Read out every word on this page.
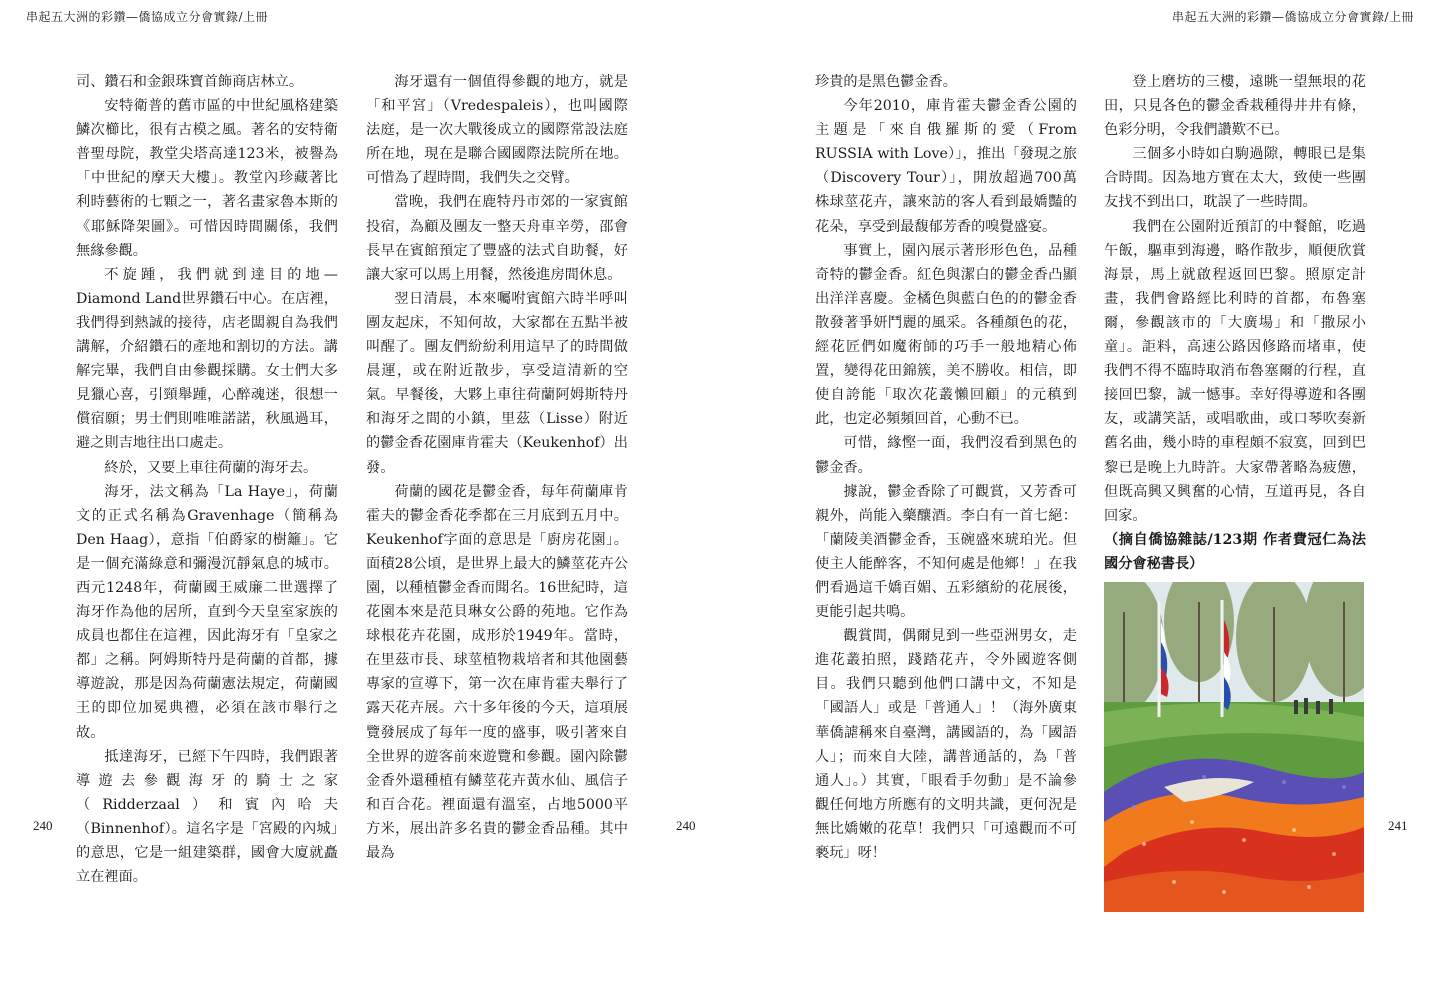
串起五大洲的彩鑽—僑協成立分會實錄/上冊	串起五大洲的彩鑽—僑協成立分會實錄/上冊
240	240	241

司、鑽石和金銀珠寶首飾商店林立。

安特衛普的舊市區的中世紀風格建築鱗次櫛比，很有古模之風。著名的安特衛普聖母院，教堂尖塔高達123米，被譽為「中世紀的摩天大樓」。教堂內珍藏著比利時藝術的七顆之一，著名畫家魯本斯的《耶穌降架圖》。可惜因時間關係，我們無緣參觀。

不旋踵，我們就到達目的地—Diamond Land世界鑽石中心。在店裡，我們得到熱誠的接待，店老闆親自為我們講解，介紹鑽石的產地和割切的方法。講解完畢，我們自由參觀採購。女士們大多見獵心喜，引頸舉踵，心醉魂迷，很想一償宿願；男士們則唯唯諾諾，秋風過耳，避之則吉地往出口處走。

終於，又要上車往荷蘭的海牙去。

海牙，法文稱為「La Haye」，荷蘭文的正式名稱為Gravenhage（簡稱為Den Haag），意指「伯爵家的樹籬」。它是一個充滿綠意和彌漫沉靜氣息的城市。西元1248年，荷蘭國王威廉二世選擇了海牙作為他的居所，直到今天皇室家族的成員也都住在這裡，因此海牙有「皇家之都」之稱。阿姆斯特丹是荷蘭的首都，據導遊說，那是因為荷蘭憲法規定，荷蘭國王的即位加冕典禮，必須在該市舉行之故。

抵達海牙，已經下午四時，我們跟著導遊去參觀海牙的騎士之家（Ridderzaal）和賓內哈夫（Binnenhof）。這名字是「宮殿的內城」的意思，它是一組建築群，國會大廈就矗立在裡面。

海牙還有一個值得參觀的地方，就是「和平宮」（Vredespaleis），也叫國際法庭，是一次大戰後成立的國際常設法庭所在地，現在是聯合國國際法院所在地。可惜為了趕時間，我們失之交臂。

當晚，我們在鹿特丹市郊的一家賓館投宿，為顧及團友一整天舟車辛勞，邵會長早在賓館預定了豐盛的法式自助餐，好讓大家可以馬上用餐，然後進房間休息。

翌日清晨，本來囑咐賓館六時半呼叫團友起床，不知何故，大家都在五點半被叫醒了。團友們紛紛利用這早了的時間做晨運，或在附近散步，享受這清新的空氣。早餐後，大夥上車往荷蘭阿姆斯特丹和海牙之間的小鎮，里茲（Lisse）附近的鬱金香花園庫肯霍夫（Keukenhof）出發。

荷蘭的國花是鬱金香，每年荷蘭庫肯霍夫的鬱金香花季都在三月底到五月中。Keukenhof字面的意思是「廚房花園」。面積28公頃，是世界上最大的鱗莖花卉公園，以種植鬱金香而聞名。16世紀時，這花園本來是范貝琳女公爵的苑地。它作為球根花卉花園，成形於1949年。當時，在里茲市長、球莖植物栽培者和其他園藝專家的宣導下，第一次在庫肯霍夫舉行了露天花卉展。六十多年後的今天，這項展覽發展成了每年一度的盛事，吸引著來自全世界的遊客前來遊覽和參觀。園內除鬱金香外還種植有鱗莖花卉黃水仙、風信子和百合花。裡面還有溫室，占地5000平方米，展出許多名貴的鬱金香品種。其中最為

珍貴的是黑色鬱金香。

今年2010，庫肯霍夫鬱金香公園的主題是「來自俄羅斯的愛（From RUSSIA with Love）」，推出「發現之旅（Discovery Tour）」，開放超過700萬株球莖花卉，讓來訪的客人看到最嬌豔的花朵，享受到最馥郁芳香的嗅覺盛宴。

事實上，園內展示著形形色色，品種奇特的鬱金香。紅色與潔白的鬱金香凸顯出洋洋喜慶。金橘色與藍白色的的鬱金香散發著爭妍鬥麗的風采。各種顏色的花，經花匠們如魔術師的巧手一般地精心佈置，變得花田錦簇，美不勝收。相信，即使自誇能「取次花叢懶回顧」的元稹到此，也定必頻頻回首，心動不已。

可惜，緣慳一面，我們沒看到黑色的鬱金香。

據說，鬱金香除了可觀賞，又芳香可親外，尚能入藥釀酒。李白有一首七絕：「蘭陵美酒鬱金香，玉碗盛來琥珀光。但使主人能醉客，不知何處是他鄉！」在我們看過這千嬌百媚、五彩繽紛的花展後，更能引起共鳴。

觀賞間，偶爾見到一些亞洲男女，走進花叢拍照，踐踏花卉，令外國遊客側目。我們只聽到他們口講中文，不知是「國語人」或是「普通人」！（海外廣東華僑謔稱來自臺灣，講國語的，為「國語人」；而來自大陸，講普通話的，為「普通人」。）其實，「眼看手勿動」是不論參觀任何地方所應有的文明共識，更何況是無比嬌嫩的花草！我們只「可遠觀而不可褻玩」呀！

登上磨坊的三樓，遠眺一望無垠的花田，只見各色的鬱金香栽種得井井有條，色彩分明，令我們讚歎不已。

三個多小時如白駒過隙，轉眼已是集合時間。因為地方實在太大，致使一些團友找不到出口，耽誤了一些時間。

我們在公園附近預訂的中餐館，吃過午飯，驅車到海邊，略作散步，順便欣賞海景，馬上就啟程返回巴黎。照原定計畫，我們會路經比利時的首都，布魯塞爾，參觀該市的「大廣場」和「撒尿小童」。詎料，高速公路因修路而堵車，使我們不得不臨時取消布魯塞爾的行程，直接回巴黎，誠一憾事。幸好得導遊和各團友，或講笑話，或唱歌曲，或口琴吹奏新舊名曲，幾小時的車程頗不寂寞，回到巴黎已是晚上九時許。大家帶著略為疲憊，但既高興又興奮的心情，互道再見，各自回家。

（摘自僑協雜誌/123期 作者費冠仁為法國分會秘書長）
